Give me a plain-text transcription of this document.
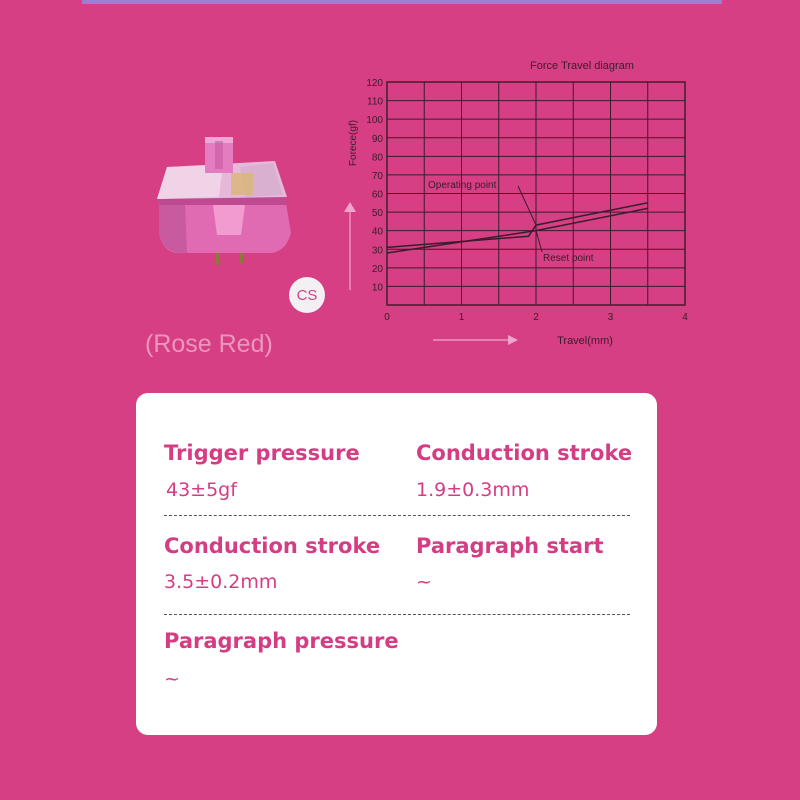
CS
(Rose Red)
10
20
30
40
50
60
70
80
90
100
110
120
0	1	2	3	4
Force Travel diagram
Forece(gf)
Travel(mm)
Operating point
Reset point
Trigger pressure
43±5gf
Conduction stroke
1.9±0.3mm
Conduction stroke
3.5±0.2mm
Paragraph start
~
Paragraph pressure
~
